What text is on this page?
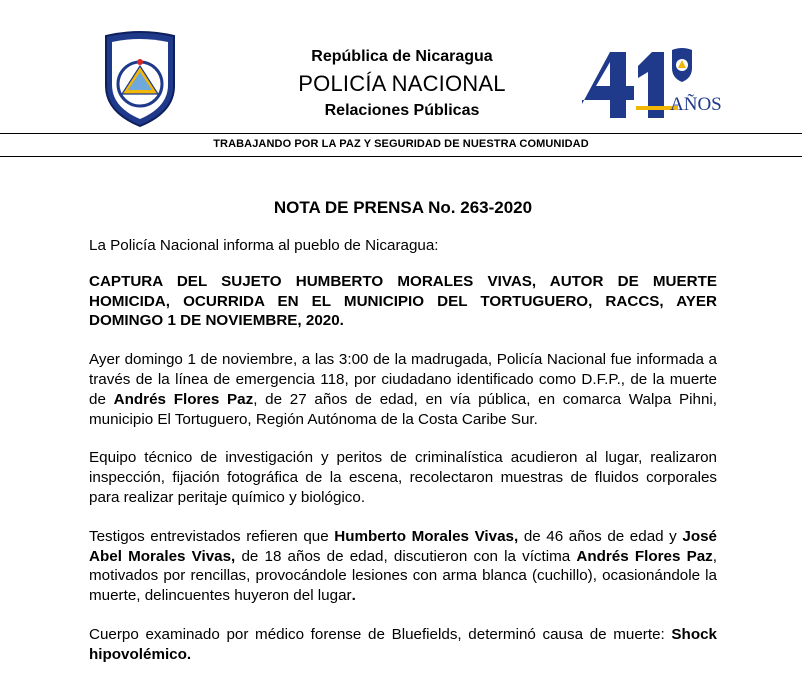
República de Nicaragua
POLICÍA NACIONAL
Relaciones Públicas	AÑOS
TRABAJANDO POR LA PAZ Y SEGURIDAD DE NUESTRA COMUNIDAD
NOTA DE PRENSA No. 263-2020
La Policía Nacional informa al pueblo de Nicaragua:
CAPTURA DEL SUJETO HUMBERTO MORALES VIVAS, AUTOR DE MUERTE HOMICIDA, OCURRIDA EN EL MUNICIPIO DEL TORTUGUERO, RACCS, AYER DOMINGO 1 DE NOVIEMBRE, 2020.
Ayer domingo 1 de noviembre, a las 3:00 de la madrugada, Policía Nacional fue informada a través de la línea de emergencia 118, por ciudadano identificado como D.F.P., de la muerte de Andrés Flores Paz, de 27 años de edad, en vía pública, en comarca Walpa Pihni, municipio El Tortuguero, Región Autónoma de la Costa Caribe Sur.
Equipo técnico de investigación y peritos de criminalística acudieron al lugar, realizaron inspección, fijación fotográfica de la escena, recolectaron muestras de fluidos corporales para realizar peritaje químico y biológico.
Testigos entrevistados refieren que Humberto Morales Vivas, de 46 años de edad y José Abel Morales Vivas, de 18 años de edad, discutieron con la víctima Andrés Flores Paz, motivados por rencillas, provocándole lesiones con arma blanca (cuchillo), ocasionándole la muerte, delincuentes huyeron del lugar.
Cuerpo examinado por médico forense de Bluefields, determinó causa de muerte: Shock hipovolémico.
